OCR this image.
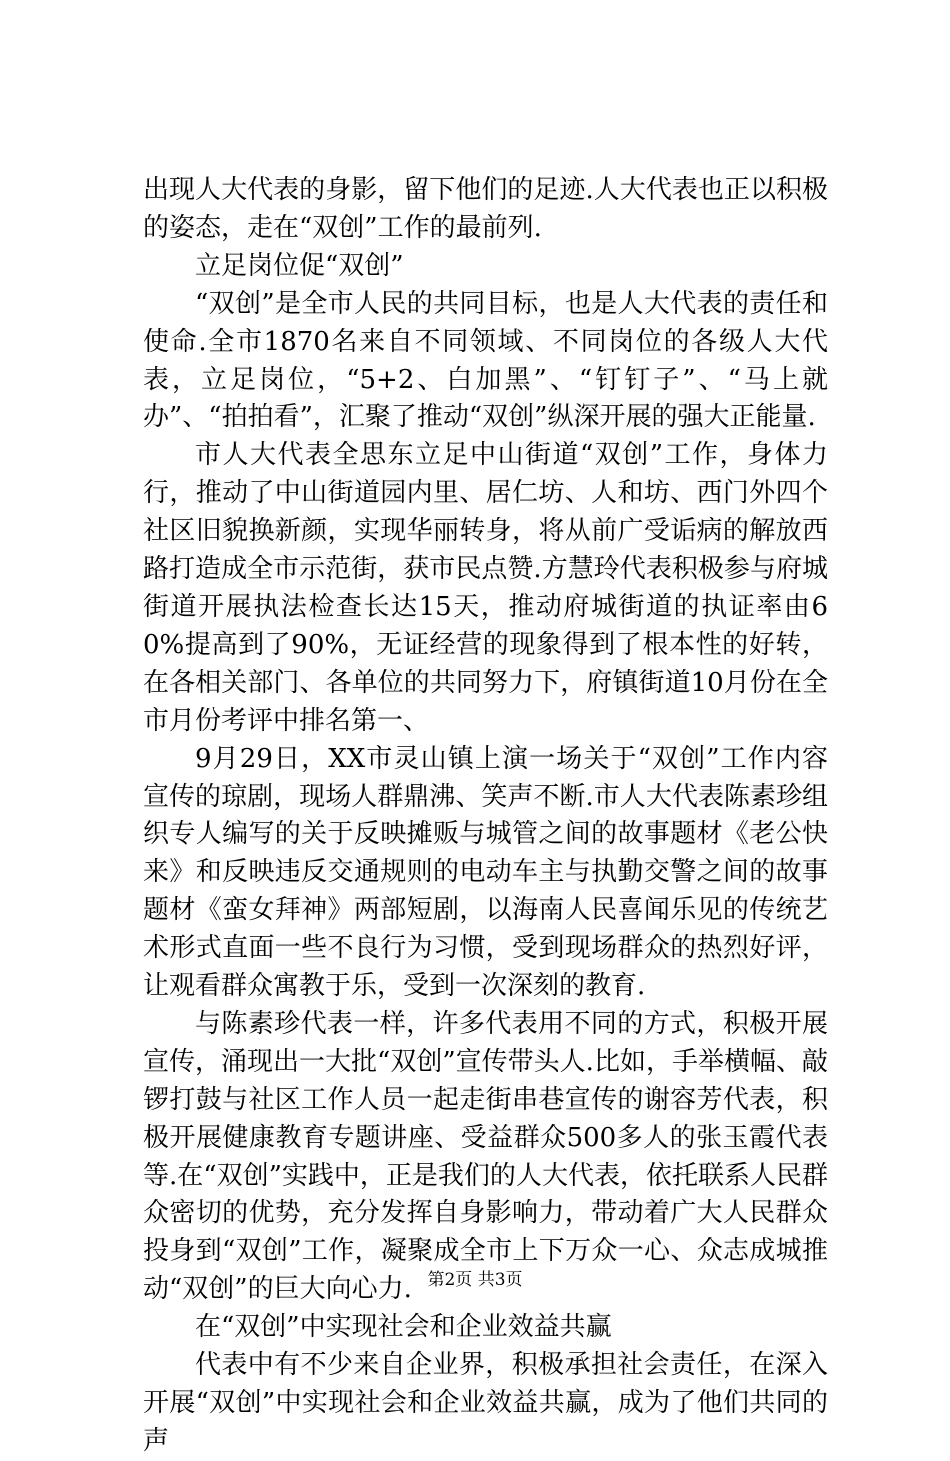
出现人大代表的身影，留下他们的足迹.人大代表也正以积极的姿态，走在“双创”工作的最前列.

立足岗位促“双创”

“双创”是全市人民的共同目标，也是人大代表的责任和使命.全市1870名来自不同领域、不同岗位的各级人大代表，立足岗位，“5+2、白加黑”、“钉钉子”、“马上就办”、“拍拍看”，汇聚了推动“双创”纵深开展的强大正能量.

市人大代表全思东立足中山街道“双创”工作，身体力行，推动了中山街道园内里、居仁坊、人和坊、西门外四个社区旧貌换新颜，实现华丽转身，将从前广受诟病的解放西路打造成全市示范街，获市民点赞.方慧玲代表积极参与府城街道开展执法检查长达15天，推动府城街道的执证率由60%提高到了90%，无证经营的现象得到了根本性的好转，在各相关部门、各单位的共同努力下，府镇街道10月份在全市月份考评中排名第一、

9月29日，XX市灵山镇上演一场关于“双创”工作内容宣传的琼剧，现场人群鼎沸、笑声不断.市人大代表陈素珍组织专人编写的关于反映摊贩与城管之间的故事题材《老公快来》和反映违反交通规则的电动车主与执勤交警之间的故事题材《蛮女拜神》两部短剧，以海南人民喜闻乐见的传统艺术形式直面一些不良行为习惯，受到现场群众的热烈好评，让观看群众寓教于乐，受到一次深刻的教育.

与陈素珍代表一样，许多代表用不同的方式，积极开展宣传，涌现出一大批“双创”宣传带头人.比如，手举横幅、敲锣打鼓与社区工作人员一起走街串巷宣传的谢容芳代表，积极开展健康教育专题讲座、受益群众500多人的张玉霞代表等.在“双创”实践中，正是我们的人大代表，依托联系人民群众密切的优势，充分发挥自身影响力，带动着广大人民群众投身到“双创”工作，凝聚成全市上下万众一心、众志成城推动“双创”的巨大向心力.

在“双创”中实现社会和企业效益共赢

代表中有不少来自企业界，积极承担社会责任，在深入开展“双创”中实现社会和企业效益共赢，成为了他们共同的声

第2页 共3页
